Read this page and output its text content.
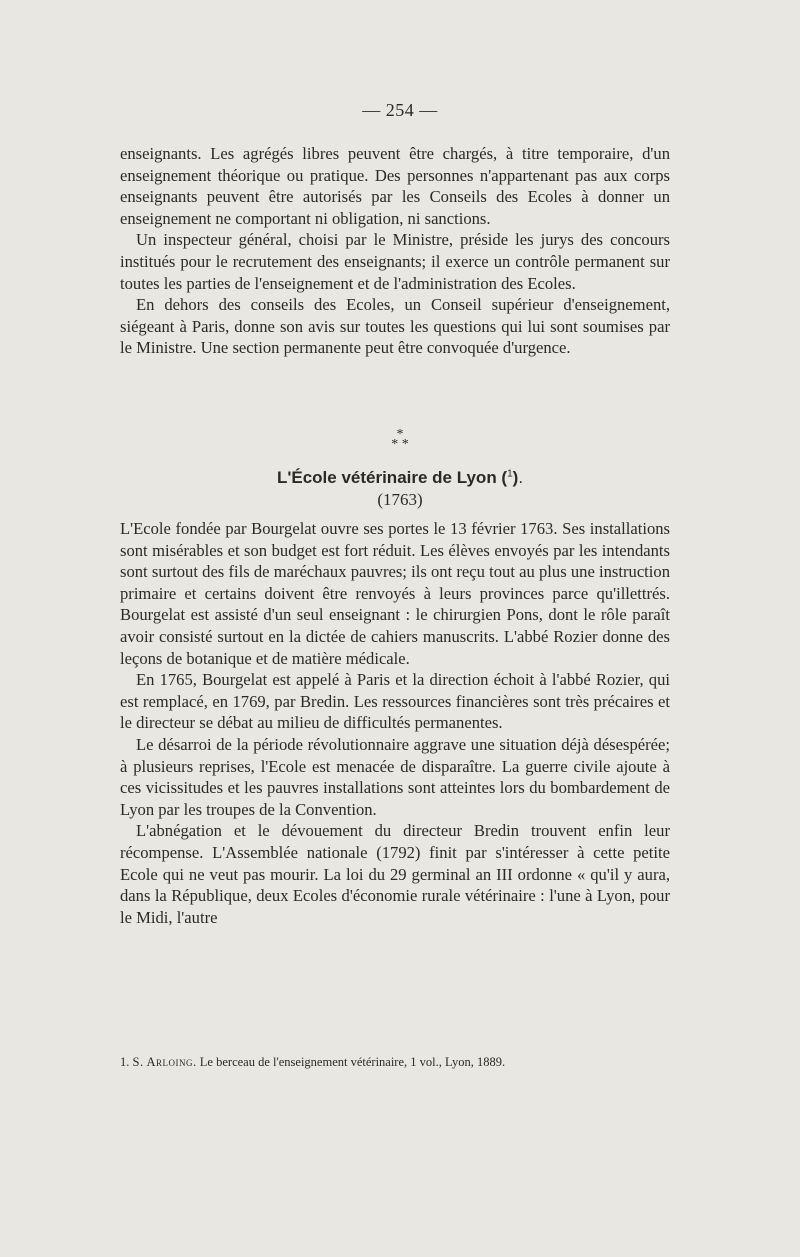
— 254 —

enseignants. Les agrégés libres peuvent être chargés, à titre temporaire, d'un enseignement théorique ou pratique. Des personnes n'appartenant pas aux corps enseignants peuvent être autorisés par les Conseils des Ecoles à donner un enseignement ne comportant ni obligation, ni sanctions.

Un inspecteur général, choisi par le Ministre, préside les jurys des concours institués pour le recrutement des enseignants; il exerce un contrôle permanent sur toutes les parties de l'enseignement et de l'administration des Ecoles.

En dehors des conseils des Ecoles, un Conseil supérieur d'enseignement, siégeant à Paris, donne son avis sur toutes les questions qui lui sont soumises par le Ministre. Une section permanente peut être convoquée d'urgence.

*
* *
L'École vétérinaire de Lyon ($^1$).
(1763)

L'Ecole fondée par Bourgelat ouvre ses portes le 13 février 1763. Ses installations sont misérables et son budget est fort réduit. Les élèves envoyés par les intendants sont surtout des fils de maréchaux pauvres; ils ont reçu tout au plus une instruction primaire et certains doivent être renvoyés à leurs provinces parce qu'illettrés. Bourgelat est assisté d'un seul enseignant : le chirurgien Pons, dont le rôle paraît avoir consisté surtout en la dictée de cahiers manuscrits. L'abbé Rozier donne des leçons de botanique et de matière médicale.

En 1765, Bourgelat est appelé à Paris et la direction échoit à l'abbé Rozier, qui est remplacé, en 1769, par Bredin. Les ressources financières sont très précaires et le directeur se débat au milieu de difficultés permanentes.

Le désarroi de la période révolutionnaire aggrave une situation déjà désespérée; à plusieurs reprises, l'Ecole est menacée de disparaître. La guerre civile ajoute à ces vicissitudes et les pauvres installations sont atteintes lors du bombardement de Lyon par les troupes de la Convention.

L'abnégation et le dévouement du directeur Bredin trouvent enfin leur récompense. L'Assemblée nationale (1792) finit par s'intéresser à cette petite Ecole qui ne veut pas mourir. La loi du 29 germinal an III ordonne « qu'il y aura, dans la République, deux Ecoles d'économie rurale vétérinaire : l'une à Lyon, pour le Midi, l'autre

1. S. Arloing. Le berceau de l'enseignement vétérinaire, 1 vol., Lyon, 1889.
